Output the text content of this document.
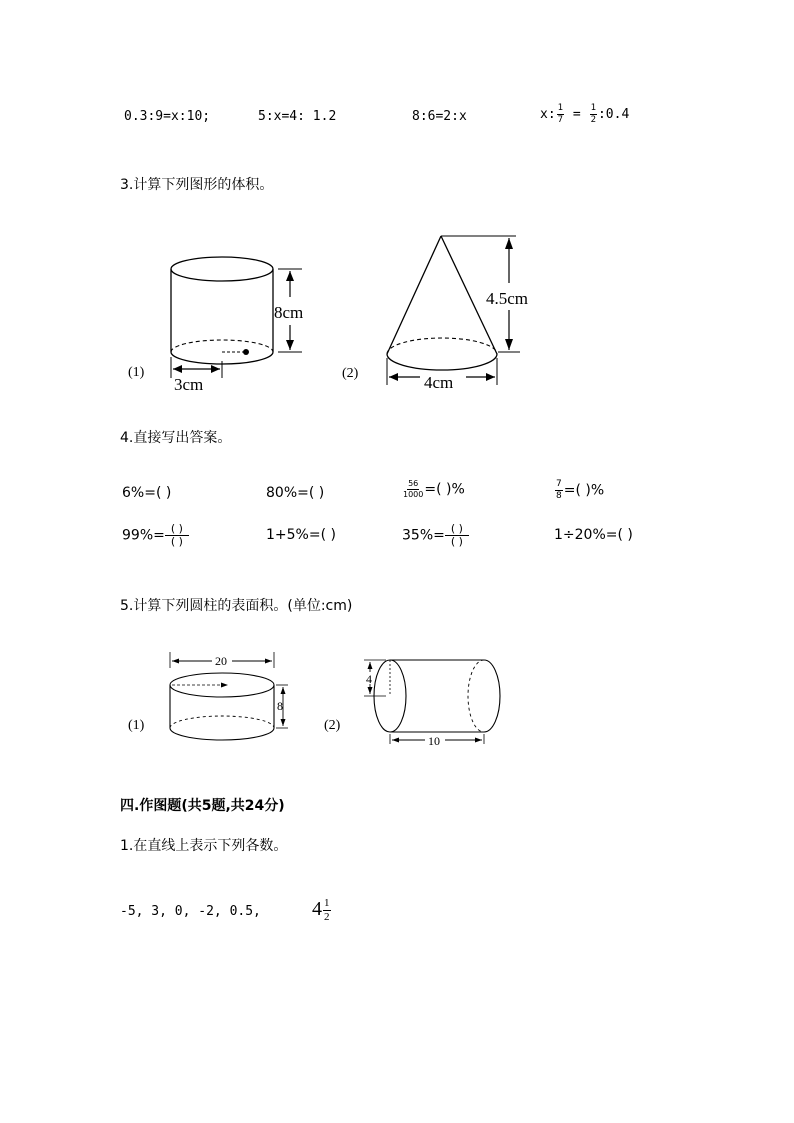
0.3:9=x:10;	5:x=4: 1.2	8:6=2:x	x: $\frac{1}{7} = \frac{1}{2}$ :0.4
3.计算下列图形的体积。
8cm
3cm
(1)
4.5cm
4cm
(2)
4.直接写出答案。
6%=( )	80%=( )	$\frac{56}{1000}$ =( )%	$\frac{7}{8}$ =( )%
$99\%= \frac{( )}{( )}$	1+5%=( )	$35\%= \frac{( )}{( )}$	1÷20%=( )
5.计算下列圆柱的表面积。(单位:cm)
20
8
(1)
4
10
(2)
四.作图题(共5题,共24分)
1.在直线上表示下列各数。
-5, 3, 0, -2, 0.5,	$4 \frac{1}{2}$
